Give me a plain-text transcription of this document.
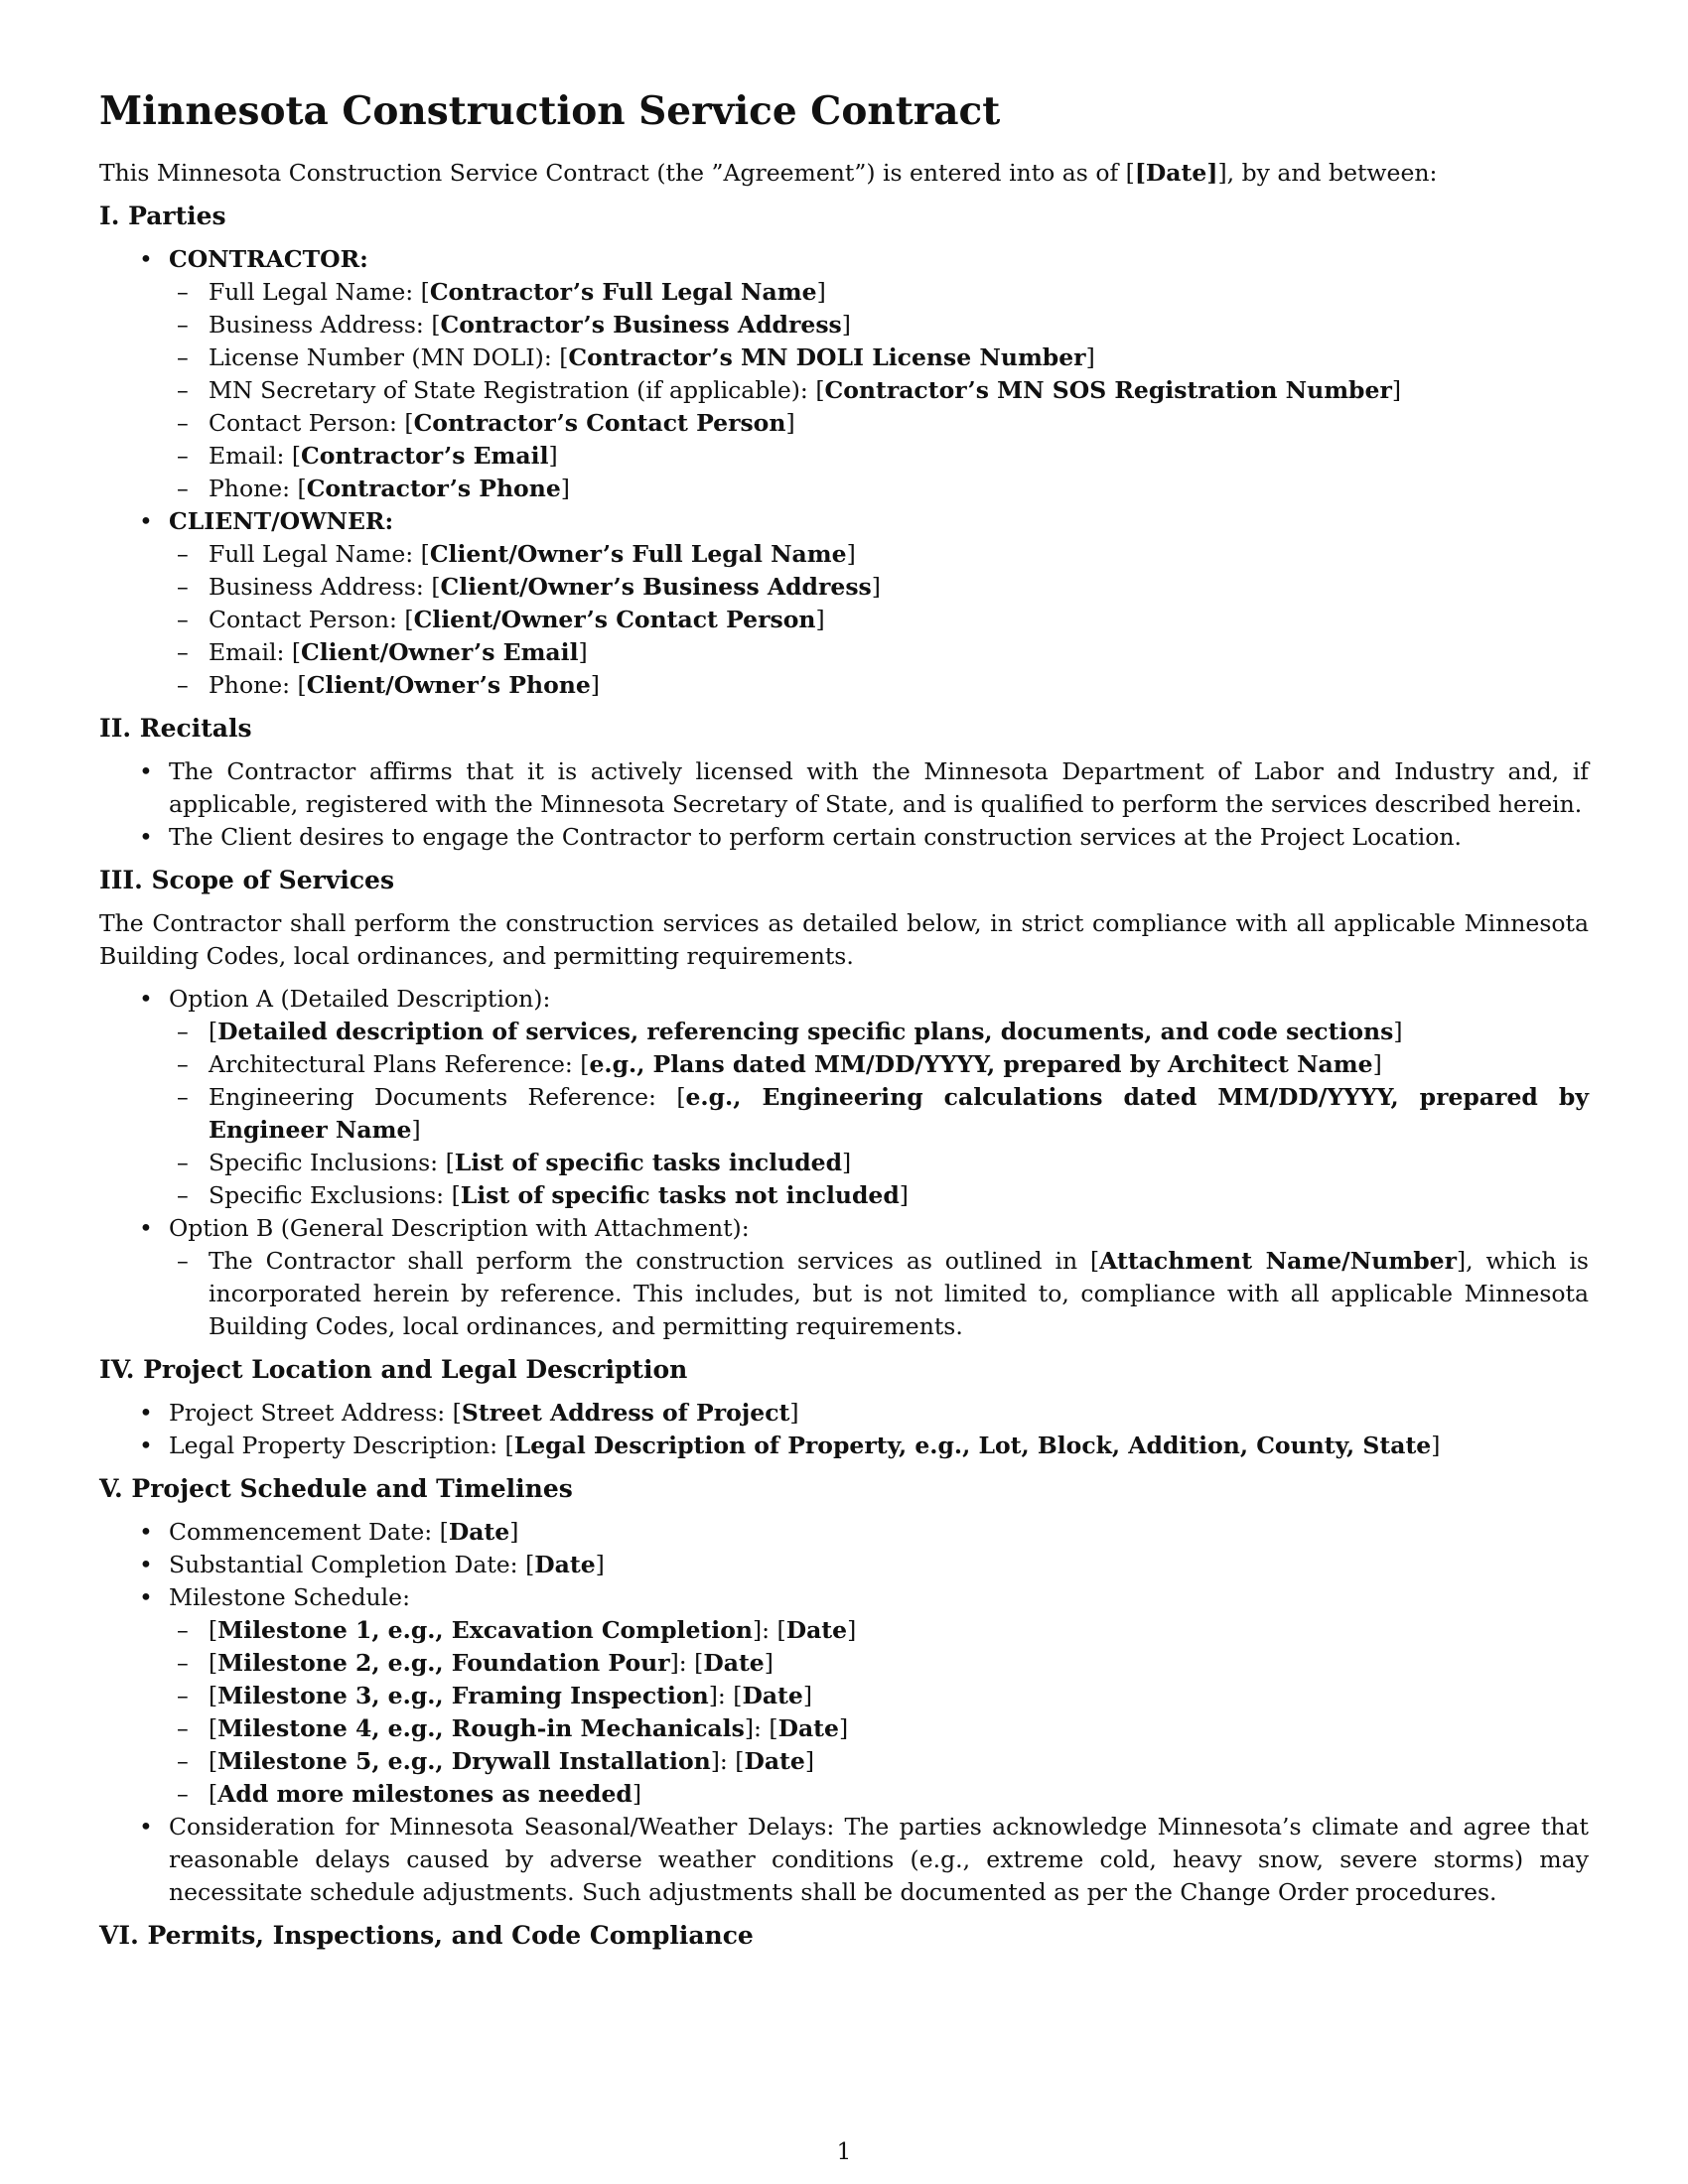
Minnesota Construction Service Contract

This Minnesota Construction Service Contract (the ”Agreement”) is entered into as of [[Date]], by and between:

I. Parties
• CONTRACTOR:
– Full Legal Name: [Contractor’s Full Legal Name]
– Business Address: [Contractor’s Business Address]
– License Number (MN DOLI): [Contractor’s MN DOLI License Number]
– MN Secretary of State Registration (if applicable): [Contractor’s MN SOS Registration Number]
– Contact Person: [Contractor’s Contact Person]
– Email: [Contractor’s Email]
– Phone: [Contractor’s Phone]
• CLIENT/OWNER:
– Full Legal Name: [Client/Owner’s Full Legal Name]
– Business Address: [Client/Owner’s Business Address]
– Contact Person: [Client/Owner’s Contact Person]
– Email: [Client/Owner’s Email]
– Phone: [Client/Owner’s Phone]
II. Recitals
• The Contractor affirms that it is actively licensed with the Minnesota Department of Labor and Industry and, if applicable, registered with the Minnesota Secretary of State, and is qualified to perform the services described herein.
• The Client desires to engage the Contractor to perform certain construction services at the Project Location.
III. Scope of Services

The Contractor shall perform the construction services as detailed below, in strict compliance with all applicable Minnesota Building Codes, local ordinances, and permitting requirements.

• Option A (Detailed Description):
– [Detailed description of services, referencing specific plans, documents, and code sections]
– Architectural Plans Reference: [e.g., Plans dated MM/DD/YYYY, prepared by Architect Name]
– Engineering Documents Reference: [e.g., Engineering calculations dated MM/DD/YYYY, prepared by Engineer Name]
– Specific Inclusions: [List of specific tasks included]
– Specific Exclusions: [List of specific tasks not included]
• Option B (General Description with Attachment):
– The Contractor shall perform the construction services as outlined in [Attachment Name/Number], which is incorporated herein by reference. This includes, but is not limited to, compliance with all applicable Minnesota Building Codes, local ordinances, and permitting requirements.
IV. Project Location and Legal Description
• Project Street Address: [Street Address of Project]
• Legal Property Description: [Legal Description of Property, e.g., Lot, Block, Addition, County, State]
V. Project Schedule and Timelines
• Commencement Date: [Date]
• Substantial Completion Date: [Date]
• Milestone Schedule:
– [Milestone 1, e.g., Excavation Completion]: [Date]
– [Milestone 2, e.g., Foundation Pour]: [Date]
– [Milestone 3, e.g., Framing Inspection]: [Date]
– [Milestone 4, e.g., Rough-in Mechanicals]: [Date]
– [Milestone 5, e.g., Drywall Installation]: [Date]
– [Add more milestones as needed]
• Consideration for Minnesota Seasonal/Weather Delays: The parties acknowledge Minnesota’s climate and agree that reasonable delays caused by adverse weather conditions (e.g., extreme cold, heavy snow, severe storms) may necessitate schedule adjustments. Such adjustments shall be documented as per the Change Order procedures.
VI. Permits, Inspections, and Code Compliance
1
